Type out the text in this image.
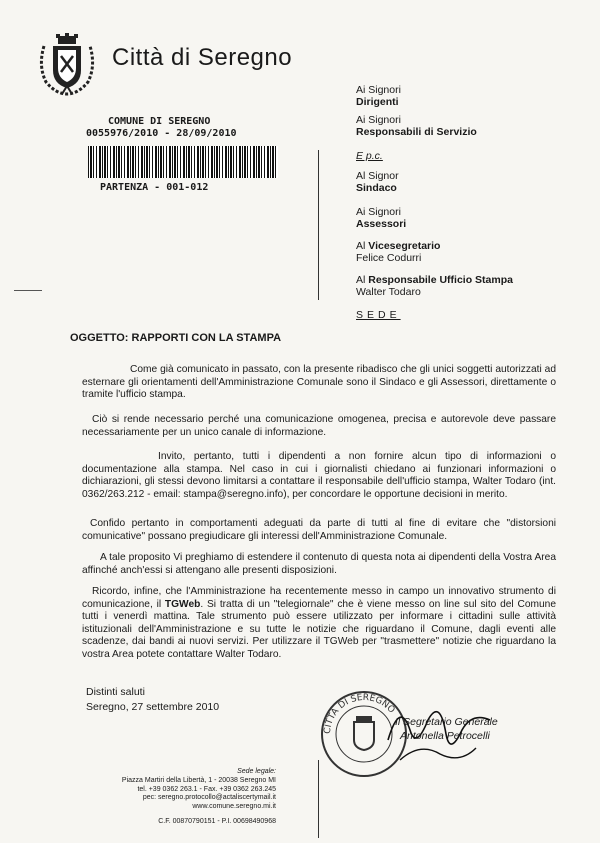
Città di Seregno
COMUNE DI SEREGNO
0055976/2010 - 28/09/2010
PARTENZA - 001-012
Ai Signori
Dirigenti
Ai Signori
Responsabili di Servizio
E p.c.
Al Signor
Sindaco
Ai Signori
Assessori
Al Vicesegretario
Felice Codurri
Al Responsabile Ufficio Stampa
Walter Todaro
SEDE
OGGETTO: RAPPORTI CON LA STAMPA
Come già comunicato in passato, con la presente ribadisco che gli unici soggetti autorizzati ad esternare gli orientamenti dell'Amministrazione Comunale sono il Sindaco e gli Assessori, direttamente o tramite l'ufficio stampa.
Ciò si rende necessario perché una comunicazione omogenea, precisa e autorevole deve passare necessariamente per un unico canale di informazione.
Invito, pertanto, tutti i dipendenti a non fornire alcun tipo di informazioni o documentazione alla stampa. Nel caso in cui i giornalisti chiedano ai funzionari informazioni o dichiarazioni, gli stessi devono limitarsi a contattare il responsabile dell'ufficio stampa, Walter Todaro (int. 0362/263.212 - email: stampa@seregno.info), per concordare le opportune decisioni in merito.
Confido pertanto in comportamenti adeguati da parte di tutti al fine di evitare che "distorsioni comunicative" possano pregiudicare gli interessi dell'Amministrazione Comunale.
A tale proposito Vi preghiamo di estendere il contenuto di questa nota ai dipendenti della Vostra Area affinché anch'essi si attengano alle presenti disposizioni.
Ricordo, infine, che l'Amministrazione ha recentemente messo in campo un innovativo strumento di comunicazione, il TGWeb. Si tratta di un "telegiornale" che è viene messo on line sul sito del Comune tutti i venerdì mattina. Tale strumento può essere utilizzato per informare i cittadini sulle attività istituzionali dell'Amministrazione e su tutte le notizie che riguardano il Comune, dagli eventi alle scadenze, dai bandi ai nuovi servizi. Per utilizzare il TGWeb per "trasmettere" notizie che riguardano la vostra Area potete contattare Walter Todaro.
Distinti saluti
Seregno, 27 settembre 2010
CITTÀ DI SEREGNO
Il Segretario Generale
Antonella Petrocelli
Sede legale:
Piazza Martiri della Libertà, 1 - 20038 Seregno MI
tel. +39 0362 263.1 - Fax. +39 0362 263.245
pec: seregno.protocollo@actaliscertymail.it
www.comune.seregno.mi.it
C.F. 00870790151 - P.I. 00698490968
